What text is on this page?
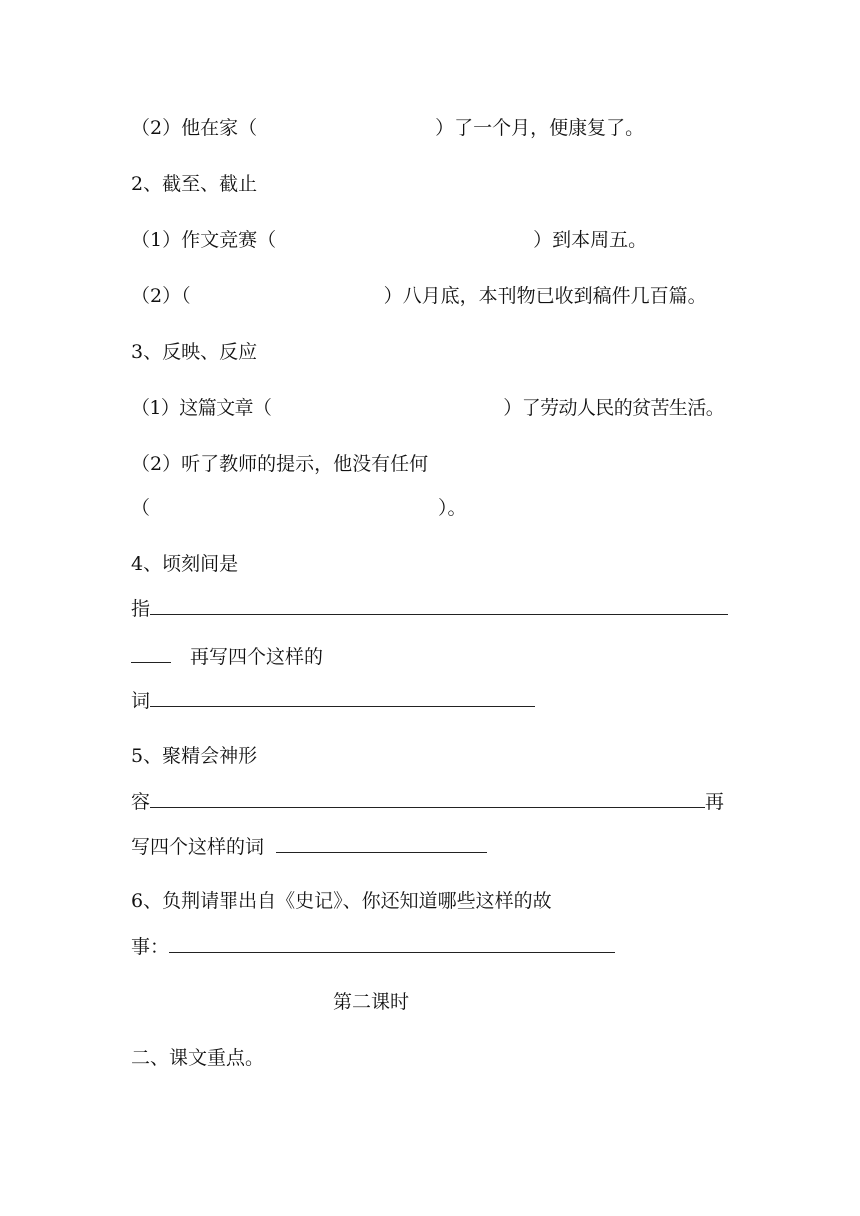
（2）他在家（	）了一个月，便康复了。
2、截至、截止
（1）作文竞赛（	）到本周五。
（2）（	）八月底，本刊物已收到稿件几百篇。
3、反映、反应
（1）这篇文章（	）了劳动人民的贫苦生活。
（2）听了教师的提示，他没有任何
（	）。
4、顷刻间是
指
再写四个这样的
词
5、聚精会神形
容	再
写四个这样的词
6、负荆请罪出自《史记》、你还知道哪些这样的故
事：
第二课时
二、课文重点。
